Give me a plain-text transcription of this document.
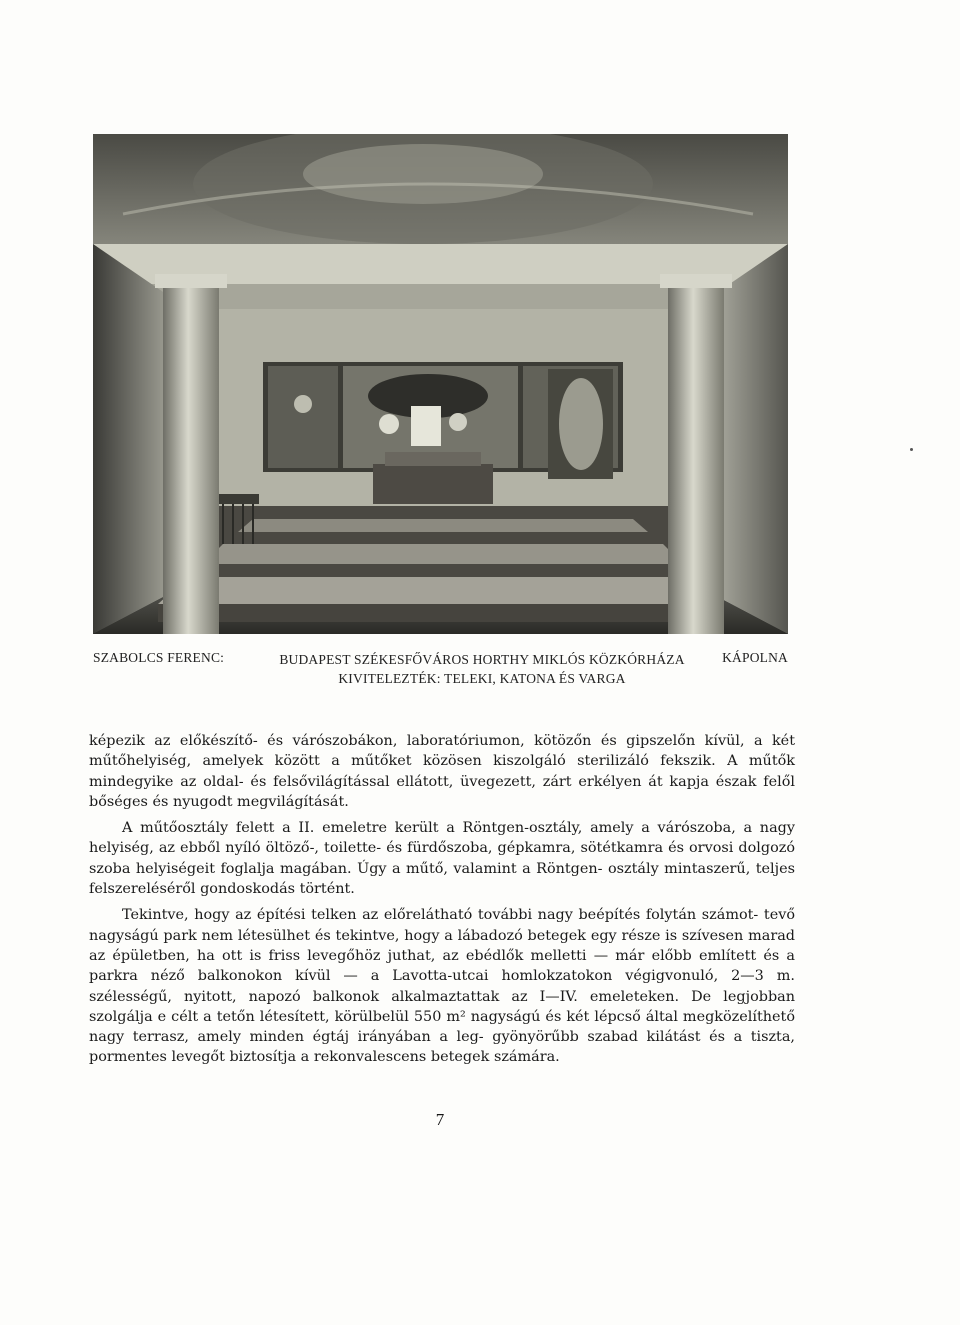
SZABOLCS FERENC:	BUDAPEST SZÉKESFŐVÁROS HORTHY MIKLÓS KÖZKÓRHÁZA
KIVITELEZTÉK: TELEKI, KATONA ÉS VARGA
KÁPOLNA

képezik az előkészítő- és várószobákon, laboratóriumon, kötözőn és gipszelőn kívül, a két műtőhelyiség, amelyek között a műtőket közösen kiszolgáló sterilizáló fekszik. A műtők mindegyike az oldal- és felsővilágítással ellátott, üvegezett, zárt erkélyen át kapja észak felől bőséges és nyugodt megvilágítását.

A műtőosztály felett a II. emeletre került a Röntgen-osztály, amely a várószoba, a nagy helyiség, az ebből nyíló öltöző-, toilette- és fürdőszoba, gépkamra, sötétkamra és orvosi dolgozó szoba helyiségeit foglalja magában. Úgy a műtő, valamint a Röntgen- osztály mintaszerű, teljes felszereléséről gondoskodás történt.

Tekintve, hogy az építési telken az előrelátható további nagy beépítés folytán számot- tevő nagyságú park nem létesülhet és tekintve, hogy a lábadozó betegek egy része is szívesen marad az épületben, ha ott is friss levegőhöz juthat, az ebédlők melletti — már előbb említett és a parkra néző balkonokon kívül — a Lavotta-utcai homlokzatokon végigvonuló, 2—3 m. szélességű, nyitott, napozó balkonok alkalmaztattak az I—IV. emeleteken. De legjobban szolgálja e célt a tetőn létesített, körülbelül 550 m² nagyságú és két lépcső által megközelíthető nagy terrasz, amely minden égtáj irányában a leg- gyönyörűbb szabad kilátást és a tiszta, pormentes levegőt biztosítja a rekonvalescens betegek számára.

7
